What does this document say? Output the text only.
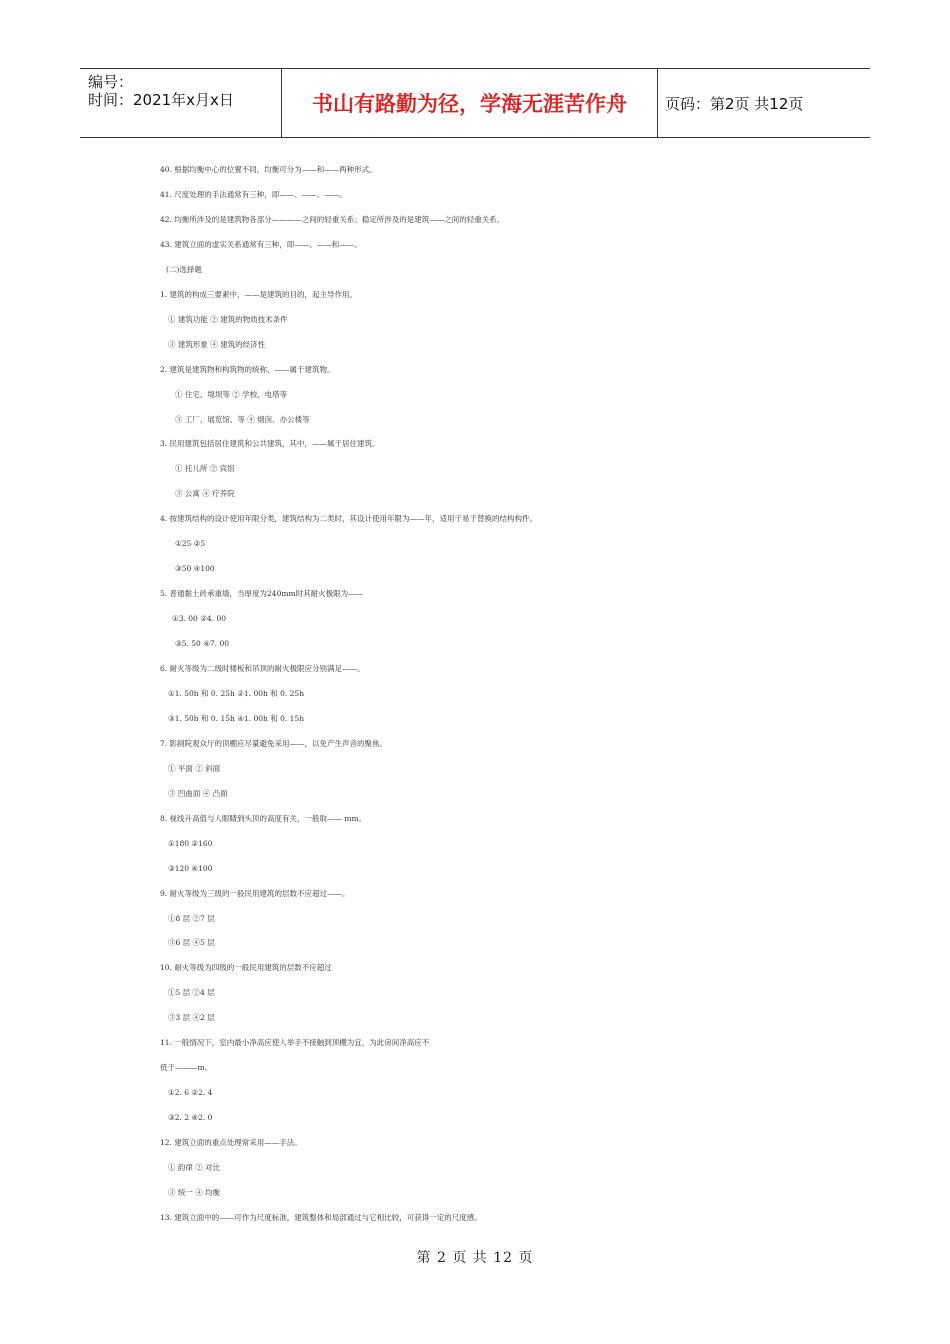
编号：
时间：2021年x月x日	书山有路勤为径，学海无涯苦作舟	页码：第2页 共12页
40. 根据均衡中心的位置不同，均衡可分为——和——两种形式。
41. 尺度处理的手法通常有三种，即——、——、——。
42. 均衡所涉及的是建筑物各部分————之间的轻重关系；稳定所涉及的是建筑——之间的轻重关系。
43. 建筑立面的虚实关系通常有三种，即——、——和——。
(二)选择题
1. 建筑的构成三要素中，——是建筑的目的，起主导作用。
① 建筑功能 ② 建筑的物质技术条件
③ 建筑形象 ④ 建筑的经济性
2. 建筑是建筑物和构筑物的统称，——属于建筑物。
① 住宅、堤坝等 ② 学校、电塔等
③ 工厂、展览馆、等 ④ 烟囱、办公楼等
3. 民用建筑包括居住建筑和公共建筑，其中，——属于居住建筑。
① 托儿所 ② 宾馆
③ 公寓 ④ 疗养院
4. 按建筑结构的设计使用年限分类，建筑结构为二类时，其设计使用年限为——年，适用于易于替换的结构构件。
①25 ②5
③50 ④100
5. 普通黏土砖承重墙，当厚度为240mm时其耐火极限为——
①3. 00 ②4. 00
③5. 50 ④7. 00
6. 耐火等级为二级时楼板和吊顶的耐火极限应分别满足——。
①1. 50h 和 0. 25h ②1. 00h 和 0. 25h
③1. 50h 和 0. 15h ④1. 00h 和 0. 15h
7. 影剧院观众厅的顶棚应尽量避免采用——，以免产生声音的聚焦。
① 平面 ② 斜面
③ 凹曲面 ④ 凸面
8. 视线升高值与人眼睛到头顶的高度有关，一般取—— mm。
①180 ②160
③120 ④100
9. 耐火等级为三级的一般民用建筑的层数不应超过——。
①8 层 ②7 层
③6 层 ④5 层
10. 耐火等级为四级的一般民用建筑的层数不应超过
①5 层 ②4 层
③3 层 ④2 层
11. 一般情况下，室内最小净高应使人举手不接触到顶棚为宜，为此房间净高应不
低于———m。
①2. 6 ②2. 4
③2. 2 ④2. 0
12. 建筑立面的重点处理常采用——手法。
① 韵律 ② 对比
③ 统一 ④ 均衡
13. 建筑立面中的——可作为尺度标准，建筑整体和局部通过与它相比较，可获得一定的尺度感。
第 2 页 共 12 页
